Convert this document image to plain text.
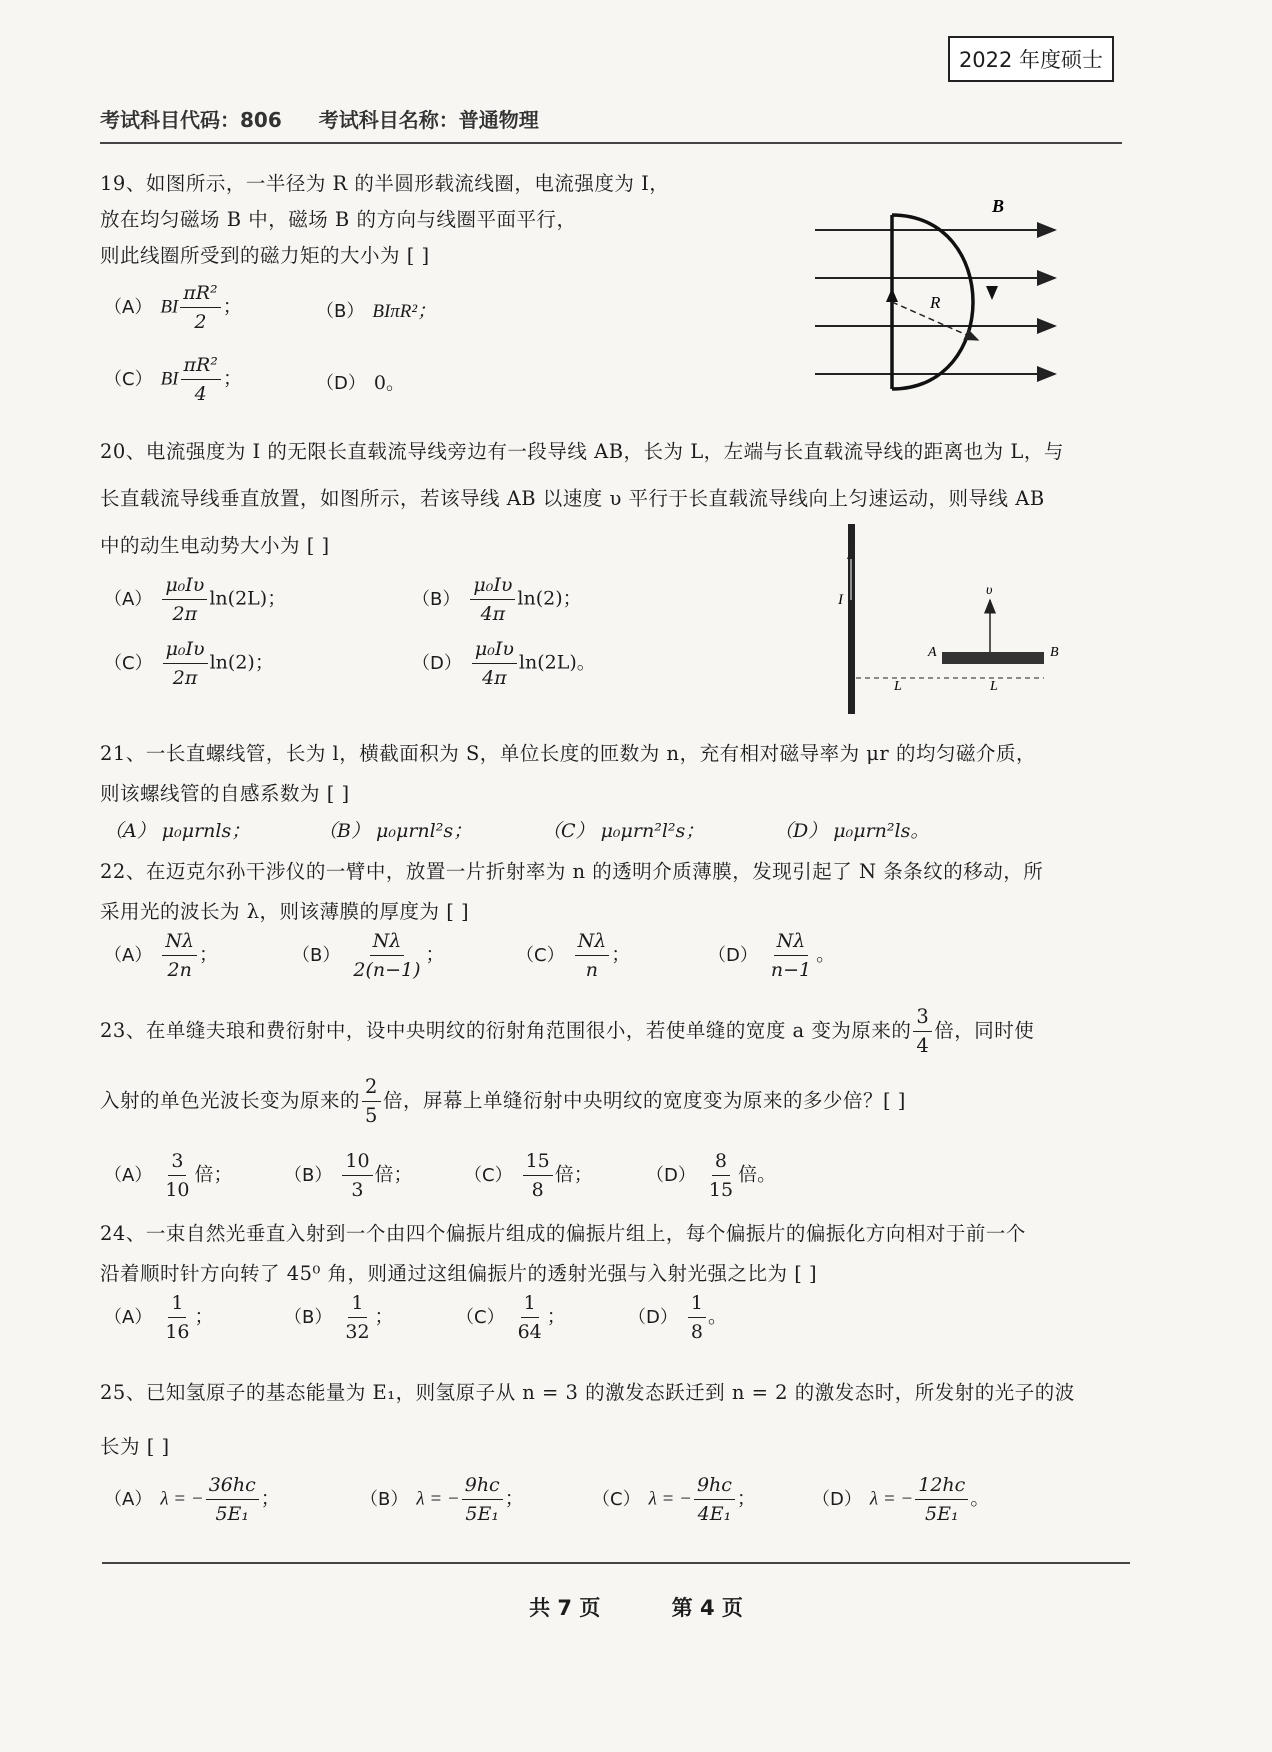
2022 年度硕士
考试科目代码：806 考试科目名称：普通物理
19、如图所示，一半径为 R 的半圆形载流线圈，电流强度为 I，
放在均匀磁场 B 中，磁场 B 的方向与线圈平面平行，
则此线圈所受到的磁力矩的大小为 [ ]
（A） BI $\frac{\text{πR²}}{2}$ ；	（B） BIπR²；
（C） BI $\frac{\text{πR²}}{4}$ ；	（D） 0。
B
R
20、电流强度为 I 的无限长直载流导线旁边有一段导线 AB，长为 L，左端与长直载流导线的距离也为 L，与
长直载流导线垂直放置，如图所示，若该导线 AB 以速度 υ 平行于长直载流导线向上匀速运动，则导线 AB
中的动生电动势大小为 [ ]
$(A) \frac{\text{μ₀Iυ}}{2\pi} \ln(2L)$；	$(B) \frac{\text{μ₀Iυ}}{4\pi} \ln(2)$；
$(C) \frac{\text{μ₀Iυ}}{2\pi} \ln(2)$；	$(D) \frac{\text{μ₀Iυ}}{4\pi} \ln(2L)$。
I
υ
A	B
L	L
21、一长直螺线管，长为 l，横截面积为 S，单位长度的匝数为 n，充有相对磁导率为 μr 的均匀磁介质，
则该螺线管的自感系数为 [ ]
（A） μ₀μrnls；	（B） μ₀μrnl²s；	（C） μ₀μrn²l²s；	（D） μ₀μrn²ls。
22、在迈克尔孙干涉仪的一臂中，放置一片折射率为 n 的透明介质薄膜，发现引起了 N 条条纹的移动，所
采用光的波长为 λ，则该薄膜的厚度为 [ ]
$(A) \frac{N\lambda}{2n}$ ；	$(B) \frac{N\lambda}{2(n-1)}$ ；	$(C) \frac{N\lambda}{n}$ ；	$(D) \frac{N\lambda}{n-1}$ 。
23、在单缝夫琅和费衍射中，设中央明纹的衍射角范围很小，若使单缝的宽度 a 变为原来的 $\frac{3}{4}$ 倍，同时使
入射的单色光波长变为原来的 $\frac{2}{5}$ 倍，屏幕上单缝衍射中央明纹的宽度变为原来的多少倍？[ ]
$(A) \frac{3}{10}$ 倍；	$(B) \frac{10}{3}$ 倍；	$(C) \frac{15}{8}$ 倍；	$(D) \frac{8}{15}$ 倍。
24、一束自然光垂直入射到一个由四个偏振片组成的偏振片组上，每个偏振片的偏振化方向相对于前一个
沿着顺时针方向转了 45⁰ 角，则通过这组偏振片的透射光强与入射光强之比为 [ ]
$(A) \frac{1}{16}$ ；	$(B) \frac{1}{32}$ ；	$(C) \frac{1}{64}$ ；	$(D) \frac{1}{8}$ 。
25、已知氢原子的基态能量为 E₁，则氢原子从 n = 3 的激发态跃迁到 n = 2 的激发态时，所发射的光子的波
长为 [ ]
（A） λ = − $\frac{36hc}{\text{5E₁}}$ ；	（B） λ = − $\frac{9hc}{\text{5E₁}}$ ；	（C） λ = − $\frac{9hc}{\text{4E₁}}$ ；	（D） λ = − $\frac{12hc}{\text{5E₁}}$ 。
共 7 页	第 4 页
